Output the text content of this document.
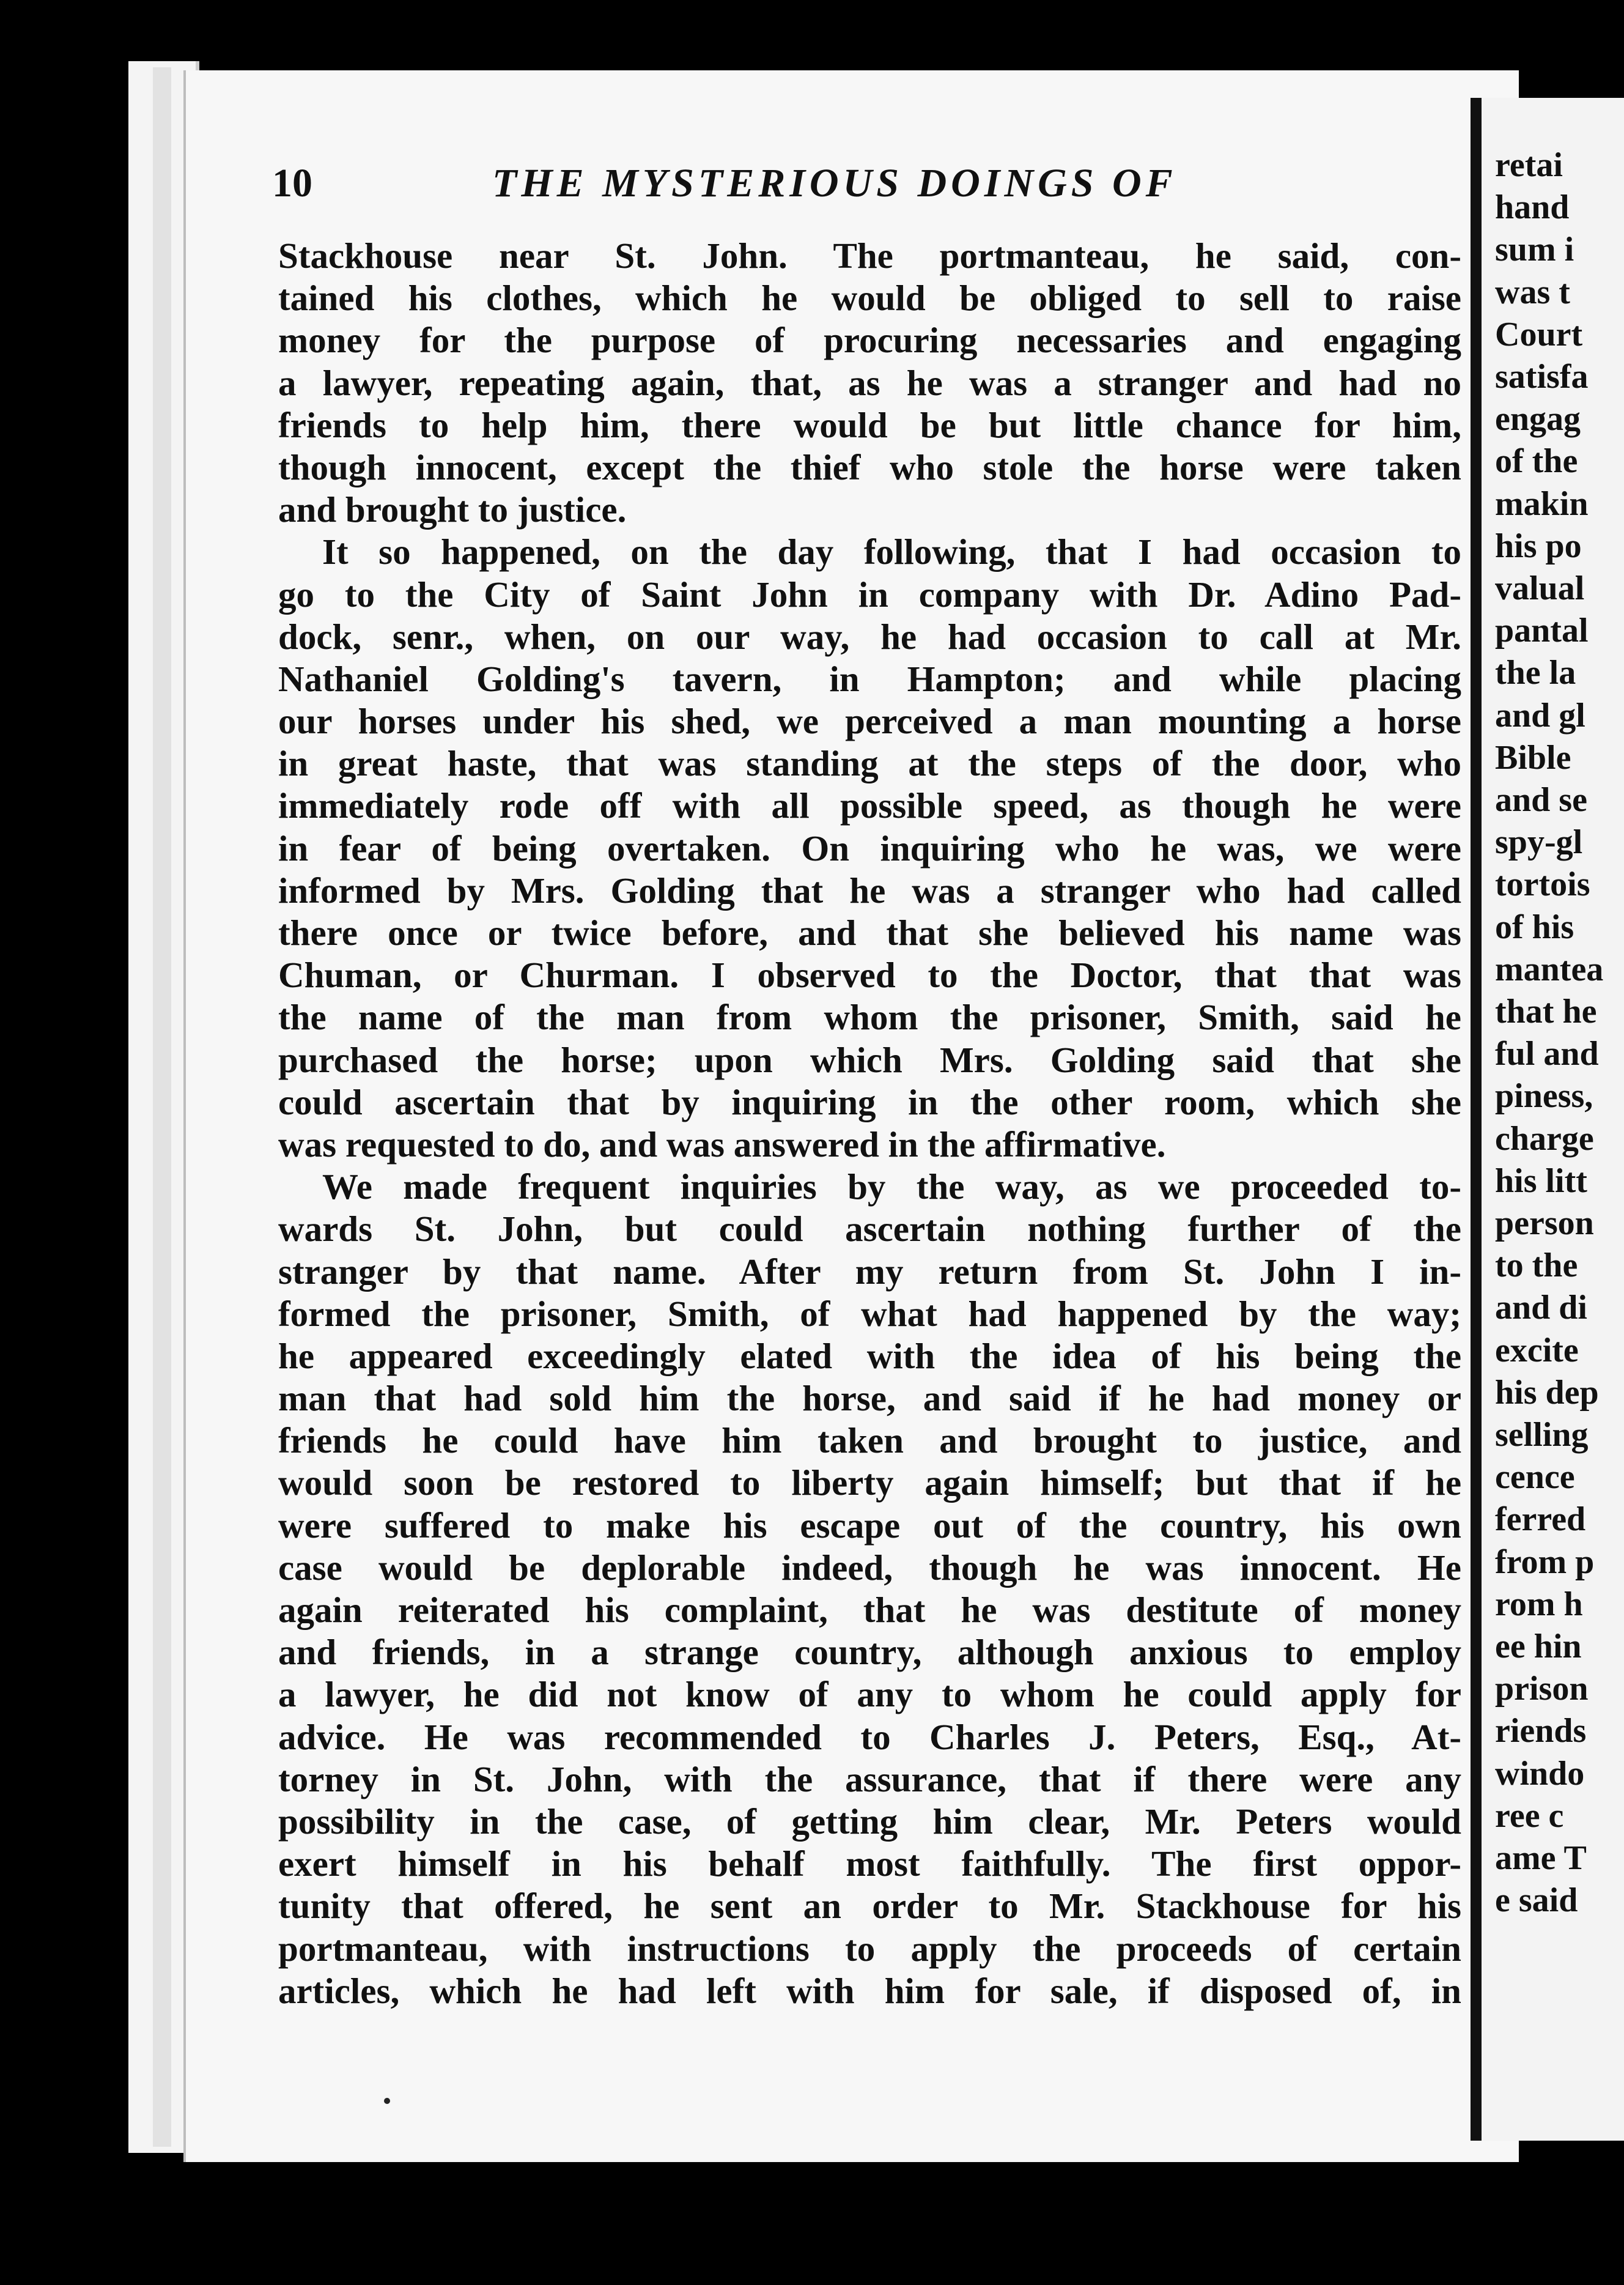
retai
hand
sum i
was t
Court
satisfa
engag
of the
makin
his po
valual
pantal
the la
and gl
Bible
and se
spy-gl
tortois
of his
mantea
that he
ful and
piness,
charge
his litt
person
to the
and di
excite
his dep
selling
cence
ferred
from p
rom h
ee hin
prison
riends
windo
ree c
ame T
e said
10	THE MYSTERIOUS DOINGS OF
Stackhouse near St. John. The portmanteau, he said, con-
tained his clothes, which he would be obliged to sell to raise
money for the purpose of procuring necessaries and engaging
a lawyer, repeating again, that, as he was a stranger and had no
friends to help him, there would be but little chance for him,
though innocent, except the thief who stole the horse were taken
and brought to justice.
It so happened, on the day following, that I had occasion to
go to the City of Saint John in company with Dr. Adino Pad-
dock, senr., when, on our way, he had occasion to call at Mr.
Nathaniel Golding's tavern, in Hampton; and while placing
our horses under his shed, we perceived a man mounting a horse
in great haste, that was standing at the steps of the door, who
immediately rode off with all possible speed, as though he were
in fear of being overtaken. On inquiring who he was, we were
informed by Mrs. Golding that he was a stranger who had called
there once or twice before, and that she believed his name was
Chuman, or Churman. I observed to the Doctor, that that was
the name of the man from whom the prisoner, Smith, said he
purchased the horse; upon which Mrs. Golding said that she
could ascertain that by inquiring in the other room, which she
was requested to do, and was answered in the affirmative.
We made frequent inquiries by the way, as we proceeded to-
wards St. John, but could ascertain nothing further of the
stranger by that name. After my return from St. John I in-
formed the prisoner, Smith, of what had happened by the way;
he appeared exceedingly elated with the idea of his being the
man that had sold him the horse, and said if he had money or
friends he could have him taken and brought to justice, and
would soon be restored to liberty again himself; but that if he
were suffered to make his escape out of the country, his own
case would be deplorable indeed, though he was innocent. He
again reiterated his complaint, that he was destitute of money
and friends, in a strange country, although anxious to employ
a lawyer, he did not know of any to whom he could apply for
advice. He was recommended to Charles J. Peters, Esq., At-
torney in St. John, with the assurance, that if there were any
possibility in the case, of getting him clear, Mr. Peters would
exert himself in his behalf most faithfully. The first oppor-
tunity that offered, he sent an order to Mr. Stackhouse for his
portmanteau, with instructions to apply the proceeds of certain
articles, which he had left with him for sale, if disposed of, in
